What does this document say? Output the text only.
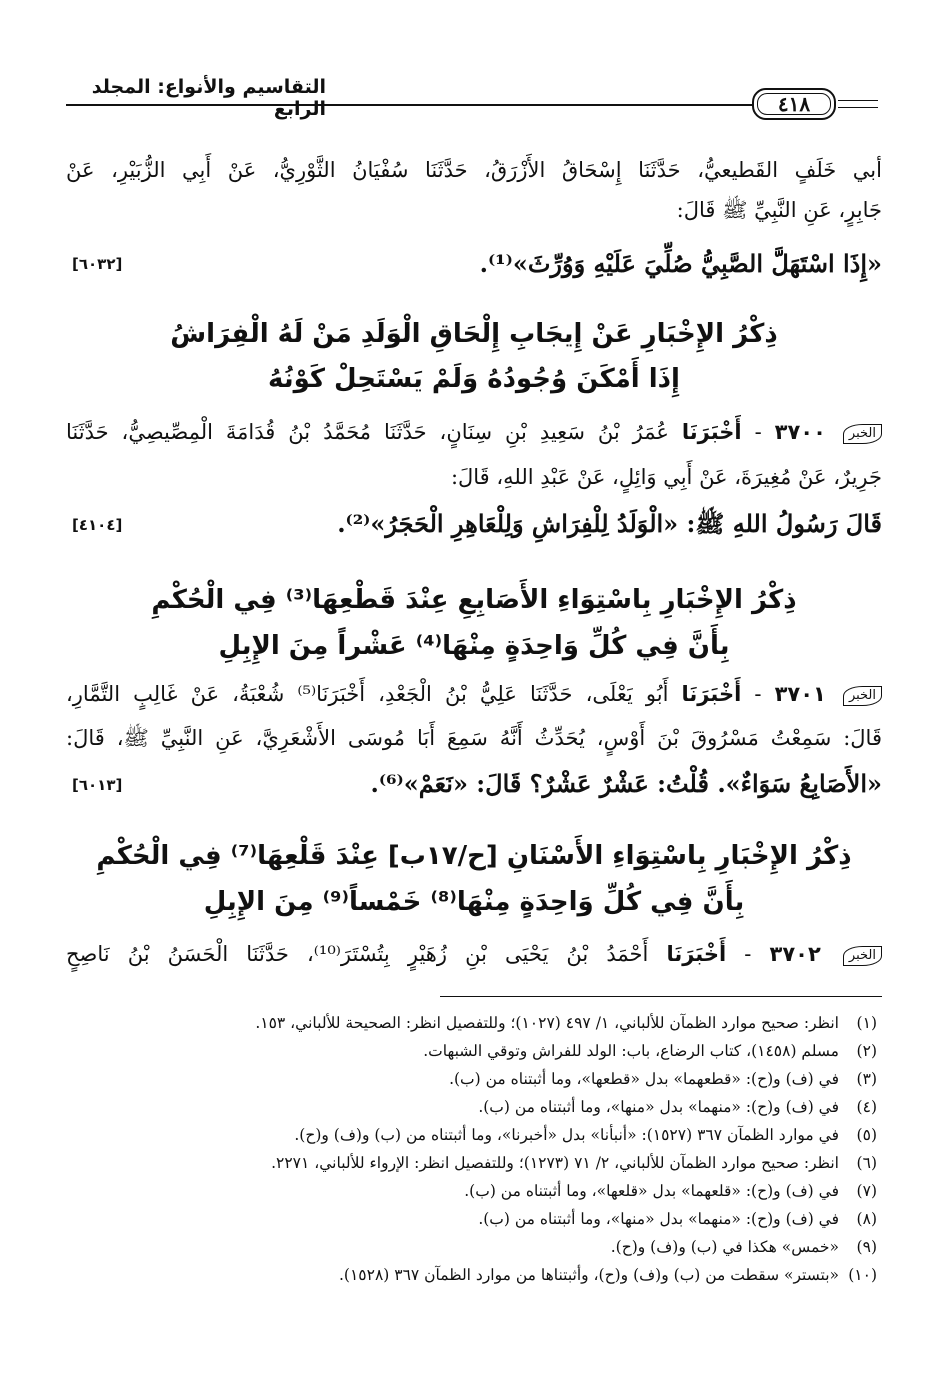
التقاسيم والأنواع: المجلد الرابع	٤١٨
أبي خَلَفٍ القَطيعيُّ، حَدَّثَنَا إِسْحَاقُ الأَزْرَقُ، حَدَّثَنَا سُفْيَانُ الثَّوْرِيُّ، عَنْ أَبِي الزُّبَيْرِ، عَنْ
جَابِرٍ، عَنِ النَّبِيِّ ﷺ قَالَ:
«إِذَا اسْتَهَلَّ الصَّبِيُّ صُلِّيَ عَلَيْهِ وَوُرِّثَ»⁽¹⁾.
[٦٠٣٢]
ذِكْرُ الإِخْبَارِ عَنْ إِيجَابِ إِلْحَاقِ الْوَلَدِ مَنْ لَهُ الْفِرَاشُ
إِذَا أَمْكَنَ وُجُودُهُ وَلَمْ يَسْتَحِلْ كَوْنُهُ
الخبر ٣٧٠٠ - أَخْبَرَنَا عُمَرُ بْنُ سَعِيدِ بْنِ سِنَانٍ، حَدَّثَنَا مُحَمَّدُ بْنُ قُدَامَةَ الْمِصِّيصِيُّ، حَدَّثَنَا
جَرِيرٌ، عَنْ مُغِيرَةَ، عَنْ أَبِي وَائِلٍ، عَنْ عَبْدِ اللهِ، قَالَ:
قَالَ رَسُولُ اللهِ ﷺ: «الْوَلَدُ لِلْفِرَاشِ وَلِلْعَاهِرِ الْحَجَرُ»⁽²⁾.
[٤١٠٤]
ذِكْرُ الإِخْبَارِ بِاسْتِوَاءِ الأَصَابِعِ عِنْدَ قَطْعِهَا⁽³⁾ فِي الْحُكْمِ
بِأَنَّ فِي كُلِّ وَاحِدَةٍ مِنْهَا⁽⁴⁾ عَشْراً مِنَ الإِبِلِ
الخبر ٣٧٠١ - أَخْبَرَنَا أَبُو يَعْلَى، حَدَّثَنَا عَلِيُّ بْنُ الْجَعْدِ، أَخْبَرَنَا⁽⁵⁾ شُعْبَةُ، عَنْ غَالِبٍ التَّمَّارِ،
قَالَ: سَمِعْتُ مَسْرُوقَ بْنَ أَوْسٍ، يُحَدِّثُ أَنَّهُ سَمِعَ أَبَا مُوسَى الأَشْعَرِيَّ، عَنِ النَّبِيِّ ﷺ، قَالَ:
«الأَصَابِعُ سَوَاءٌ». قُلْتُ: عَشْرٌ عَشْرٌ؟ قَالَ: «نَعَمْ»⁽⁶⁾.
[٦٠١٣]
ذِكْرُ الإِخْبَارِ بِاسْتِوَاءِ الأَسْنَانِ [ح/١٧ب] عِنْدَ قَلْعِهَا⁽⁷⁾ فِي الْحُكْمِ
بِأَنَّ فِي كُلِّ وَاحِدَةٍ مِنْهَا⁽⁸⁾ خَمْساً⁽⁹⁾ مِنَ الإِبِلِ
الخبر ٣٧٠٢ - أَخْبَرَنَا أَحْمَدُ بْنُ يَحْيَى بْنِ زُهَيْرٍ بِتُسْتَرَ⁽¹⁰⁾، حَدَّثَنَا الْحَسَنُ بْنُ نَاصِحٍ
(١)انظر: صحيح موارد الظمآن للألباني، ١/ ٤٩٧ (١٠٢٧)؛ وللتفصيل انظر: الصحيحة للألباني، ١٥٣.
(٢)مسلم (١٤٥٨)، كتاب الرضاع، باب: الولد للفراش وتوقي الشبهات.
(٣)في (ف) و(ح): «قطعهما» بدل «قطعها»، وما أثبتناه من (ب).
(٤)في (ف) و(ح): «منهما» بدل «منها»، وما أثبتناه من (ب).
(٥)في موارد الظمآن ٣٦٧ (١٥٢٧): «أنبأنا» بدل «أخبرنا»، وما أثبتناه من (ب) و(ف) و(ح).
(٦)انظر: صحيح موارد الظمآن للألباني، ٢/ ٧١ (١٢٧٣)؛ وللتفصيل انظر: الإرواء للألباني، ٢٢٧١.
(٧)في (ف) و(ح): «قلعهما» بدل «قلعها»، وما أثبتناه من (ب).
(٨)في (ف) و(ح): «منهما» بدل «منها»، وما أثبتناه من (ب).
(٩)«خمس» هكذا في (ب) و(ف) و(ح).
(١٠)«بتستر» سقطت من (ب) و(ف) و(ح)، وأثبتناها من موارد الظمآن ٣٦٧ (١٥٢٨).
